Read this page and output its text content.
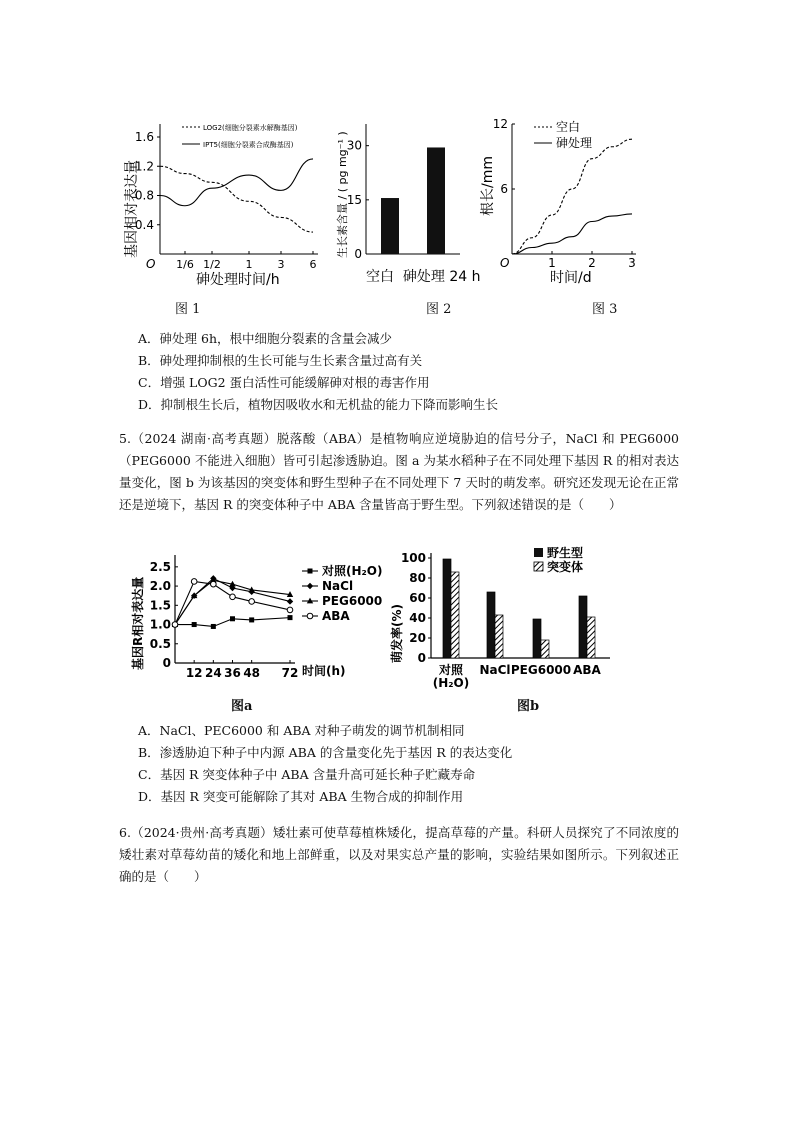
基因相对表达量
1.6
1.2
0.8
0.4
1/6 1/2 1 3 6
O
砷处理时间/h
LOG2(细胞分裂素水解酶基因)
IPT5(细胞分裂素合成酶基因)	生长素含量 / ( pg mg⁻¹ )
30
15
0
空白  砷处理 24 h
根长/mm
12
6
1	2	3
O
时间/d
空白
砷处理
图 1	图 2	图 3
A．砷处理 6h，根中细胞分裂素的含量会减少
B．砷处理抑制根的生长可能与生长素含量过高有关
C．增强 LOG2 蛋白活性可能缓解砷对根的毒害作用
D．抑制根生长后，植物因吸收水和无机盐的能力下降而影响生长
5.（2024 湖南·高考真题）脱落酸（ABA）是植物响应逆境胁迫的信号分子，NaCl 和 PEG6000（PEG6000 不能进入细胞）皆可引起渗透胁迫。图 a 为某水稻种子在不同处理下基因 R 的相对表达量变化，图 b 为该基因的突变体和野生型种子在不同处理下 7 天时的萌发率。研究还发现无论在正常还是逆境下，基因 R 的突变体种子中 ABA 含量皆高于野生型。下列叙述错误的是（　　）
基因R相对表达量
2.5
2.0
1.5
1.0
0.5
0
12 24 36 48 72 时间(h)
对照(H₂O)
NaCl
PEG6000
ABA	萌发率(%)
100
80
60
40
20
0
对照 NaCl PEG6000 ABA
(H₂O)
野生型
突变体
图a	图b
A．NaCl、PEC6000 和 ABA 对种子萌发的调节机制相同
B．渗透胁迫下种子中内源 ABA 的含量变化先于基因 R 的表达变化
C．基因 R 突变体种子中 ABA 含量升高可延长种子贮藏寿命
D．基因 R 突变可能解除了其对 ABA 生物合成的抑制作用
6.（2024·贵州·高考真题）矮壮素可使草莓植株矮化，提高草莓的产量。科研人员探究了不同浓度的矮壮素对草莓幼苗的矮化和地上部鲜重，以及对果实总产量的影响，实验结果如图所示。下列叙述正确的是（　　）
